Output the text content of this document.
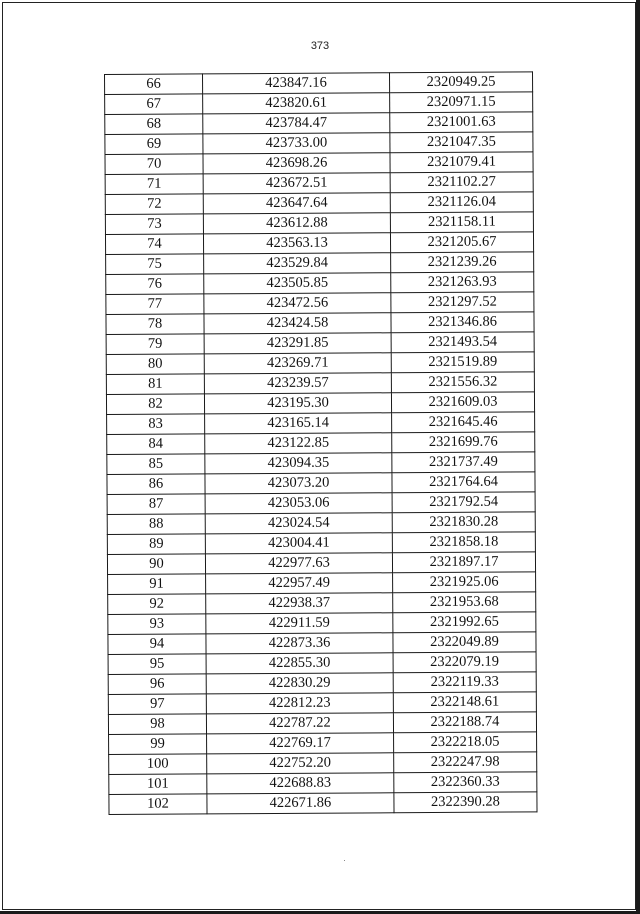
373
66	423847.16	2320949.25
67	423820.61	2320971.15
68	423784.47	2321001.63
69	423733.00	2321047.35
70	423698.26	2321079.41
71	423672.51	2321102.27
72	423647.64	2321126.04
73	423612.88	2321158.11
74	423563.13	2321205.67
75	423529.84	2321239.26
76	423505.85	2321263.93
77	423472.56	2321297.52
78	423424.58	2321346.86
79	423291.85	2321493.54
80	423269.71	2321519.89
81	423239.57	2321556.32
82	423195.30	2321609.03
83	423165.14	2321645.46
84	423122.85	2321699.76
85	423094.35	2321737.49
86	423073.20	2321764.64
87	423053.06	2321792.54
88	423024.54	2321830.28
89	423004.41	2321858.18
90	422977.63	2321897.17
91	422957.49	2321925.06
92	422938.37	2321953.68
93	422911.59	2321992.65
94	422873.36	2322049.89
95	422855.30	2322079.19
96	422830.29	2322119.33
97	422812.23	2322148.61
98	422787.22	2322188.74
99	422769.17	2322218.05
100	422752.20	2322247.98
101	422688.83	2322360.33
102	422671.86	2322390.28
